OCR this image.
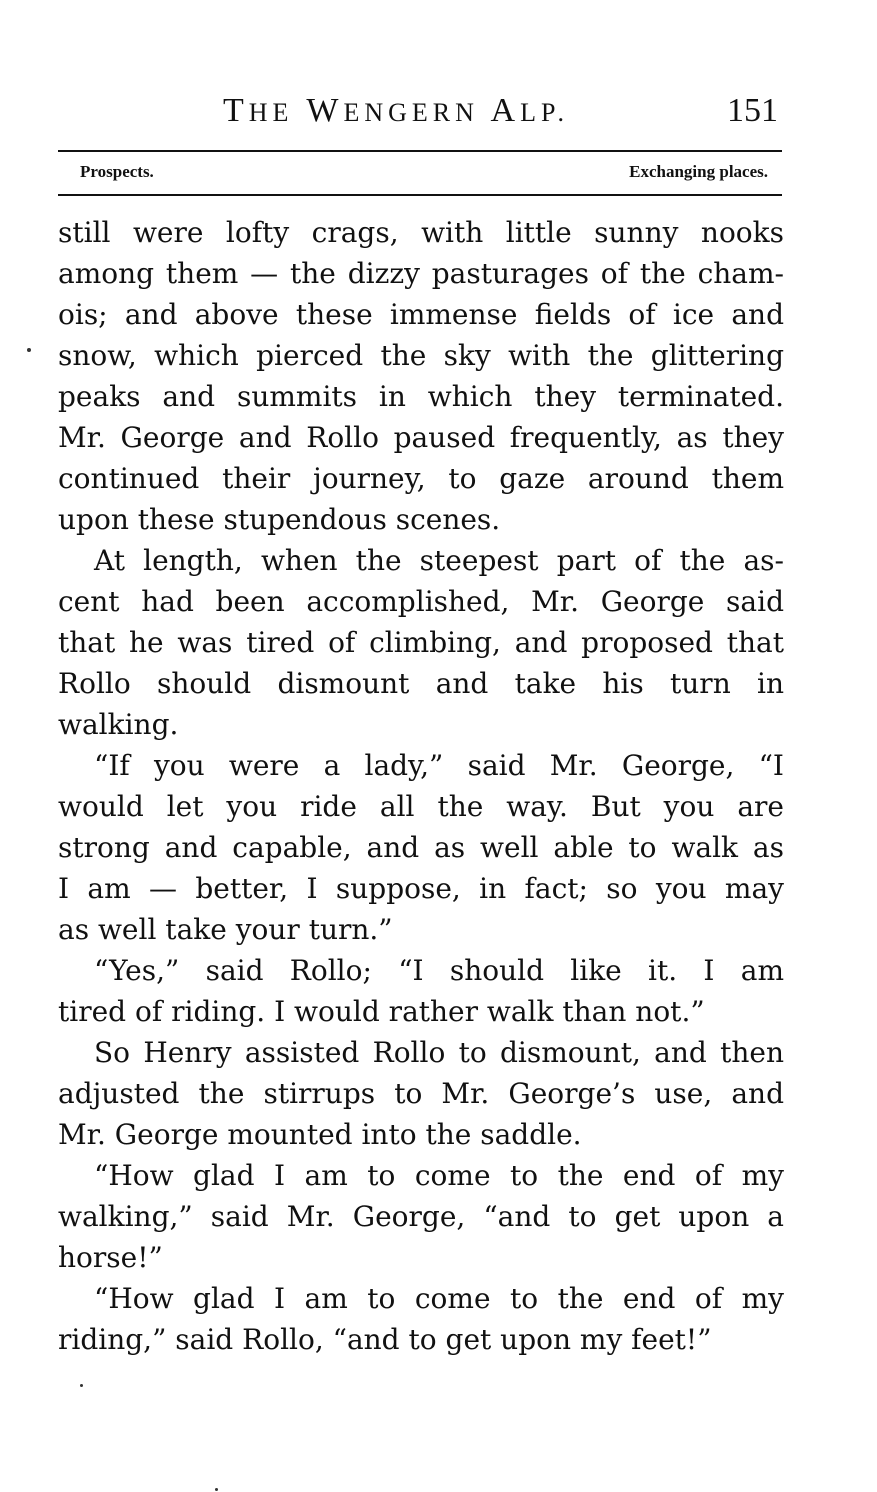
THE WENGERN ALP.	151
Prospects.	Exchanging places.
still were lofty crags, with little sunny nooks
among them — the dizzy pasturages of the cham-
ois; and above these immense fields of ice and
snow, which pierced the sky with the glittering
peaks and summits in which they terminated.
Mr. George and Rollo paused frequently, as they
continued their journey, to gaze around them
upon these stupendous scenes.
At length, when the steepest part of the as-
cent had been accomplished, Mr. George said
that he was tired of climbing, and proposed that
Rollo should dismount and take his turn in
walking.
“If you were a lady,” said Mr. George, “I
would let you ride all the way. But you are
strong and capable, and as well able to walk as
I am — better, I suppose, in fact; so you may
as well take your turn.”
“Yes,” said Rollo; “I should like it. I am
tired of riding. I would rather walk than not.”
So Henry assisted Rollo to dismount, and then
adjusted the stirrups to Mr. George’s use, and
Mr. George mounted into the saddle.
“How glad I am to come to the end of my
walking,” said Mr. George, “and to get upon a
horse!”
“How glad I am to come to the end of my
riding,” said Rollo, “and to get upon my feet!”
